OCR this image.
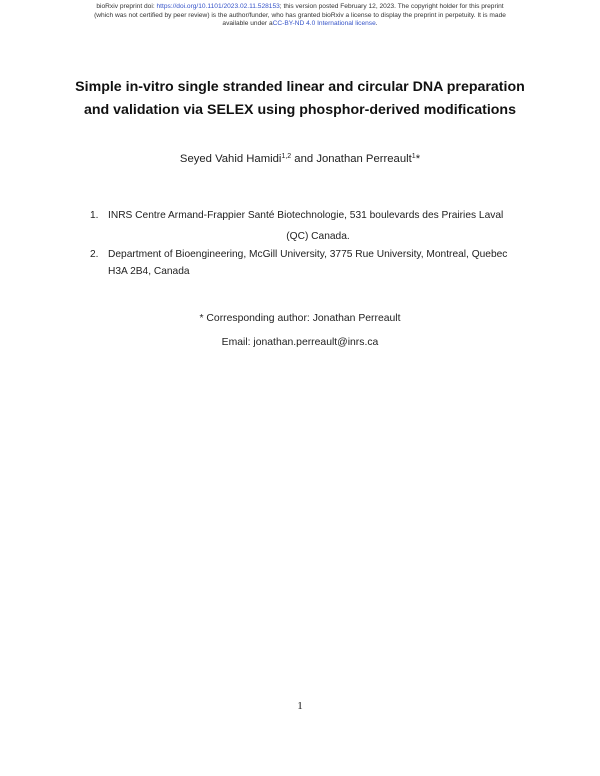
bioRxiv preprint doi: https://doi.org/10.1101/2023.02.11.528153; this version posted February 12, 2023. The copyright holder for this preprint
(which was not certified by peer review) is the author/funder, who has granted bioRxiv a license to display the preprint in perpetuity. It is made
available under aCC-BY-ND 4.0 International license.
Simple in-vitro single stranded linear and circular DNA preparation
and validation via SELEX using phosphor-derived modifications
Seyed Vahid Hamidi$^{1,2}$ and Jonathan Perreault$^1$*
1. INRS Centre Armand-Frappier Santé Biotechnologie, 531 boulevards des Prairies Laval
(QC) Canada.
2. Department of Bioengineering, McGill University, 3775 Rue University, Montreal, Quebec
H3A 2B4, Canada
* Corresponding author: Jonathan Perreault
Email: jonathan.perreault@inrs.ca
1
